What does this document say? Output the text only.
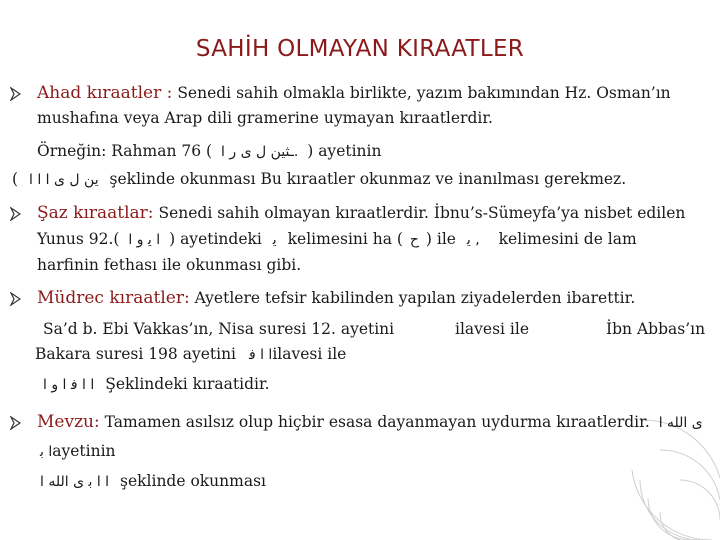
SAHİH OLMAYAN KIRAATLER
Ahad kıraatler : Senedi sahih olmakla birlikte, yazım bakımından Hz. Osman’ın
mushafına veya Arap dili gramerine uymayan kıraatlerdir.
Örneğin: Rahman 76 ( ـثين ل ى ر ا. ) ayetinin
( ين ل ى ا ا ا şeklinde okunması Bu kıraatler okunmaz ve inanılması gerekmez.
Şaz kıraatlar: Senedi sahih olmayan kıraatlerdir. İbnu’s-Sümeyfa’ya nisbet edilen
Yunus 92.( ا ﻳ و ا ) ayetindeki ﻳ kelimesini ha ( ح ) ile ﻳ , kelimesini de lam
harfinin fethası ile okunması gibi.
Müdrec kıraatler: Ayetlere tefsir kabilinden yapılan ziyadelerden ibarettir.
Sa’d b. Ebi Vakkas’ın, Nisa suresi 12. ayetini	ilavesi ile	İbn Abbas’ın
Bakara suresi 198 ayetini ا ا ﻓilavesi ile
ا ا ﻓ ا و ا Şeklindeki kıraatidir.
Mevzu: Tamamen asılsız olup hiçbir esasa dayanmayan uydurma kıraatlerdir. ى الله ا
ا ﺑayetinin
ا ا ﺑ ى الله ا şeklinde okunması
